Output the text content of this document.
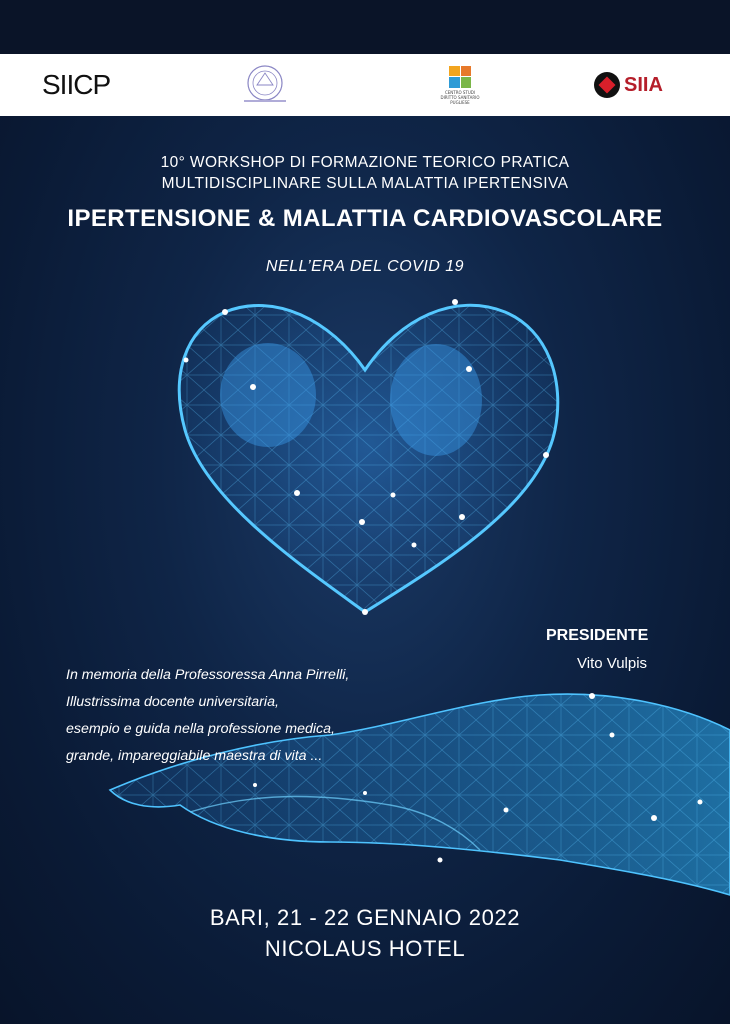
SIICP	CENTRO STUDI DIRITTO SANITARIO PUGLIESE
SIIA
10° WORKSHOP DI FORMAZIONE TEORICO PRATICA
MULTIDISCIPLINARE SULLA MALATTIA IPERTENSIVA
IPERTENSIONE & MALATTIA CARDIOVASCOLARE
NELL’ERA DEL COVID 19
PRESIDENTE
Vito Vulpis
In memoria della Professoressa Anna Pirrelli,
Illustrissima docente universitaria,
esempio e guida nella professione medica,
grande, impareggiabile maestra di vita ...
BARI, 21 - 22 GENNAIO 2022
NICOLAUS HOTEL
